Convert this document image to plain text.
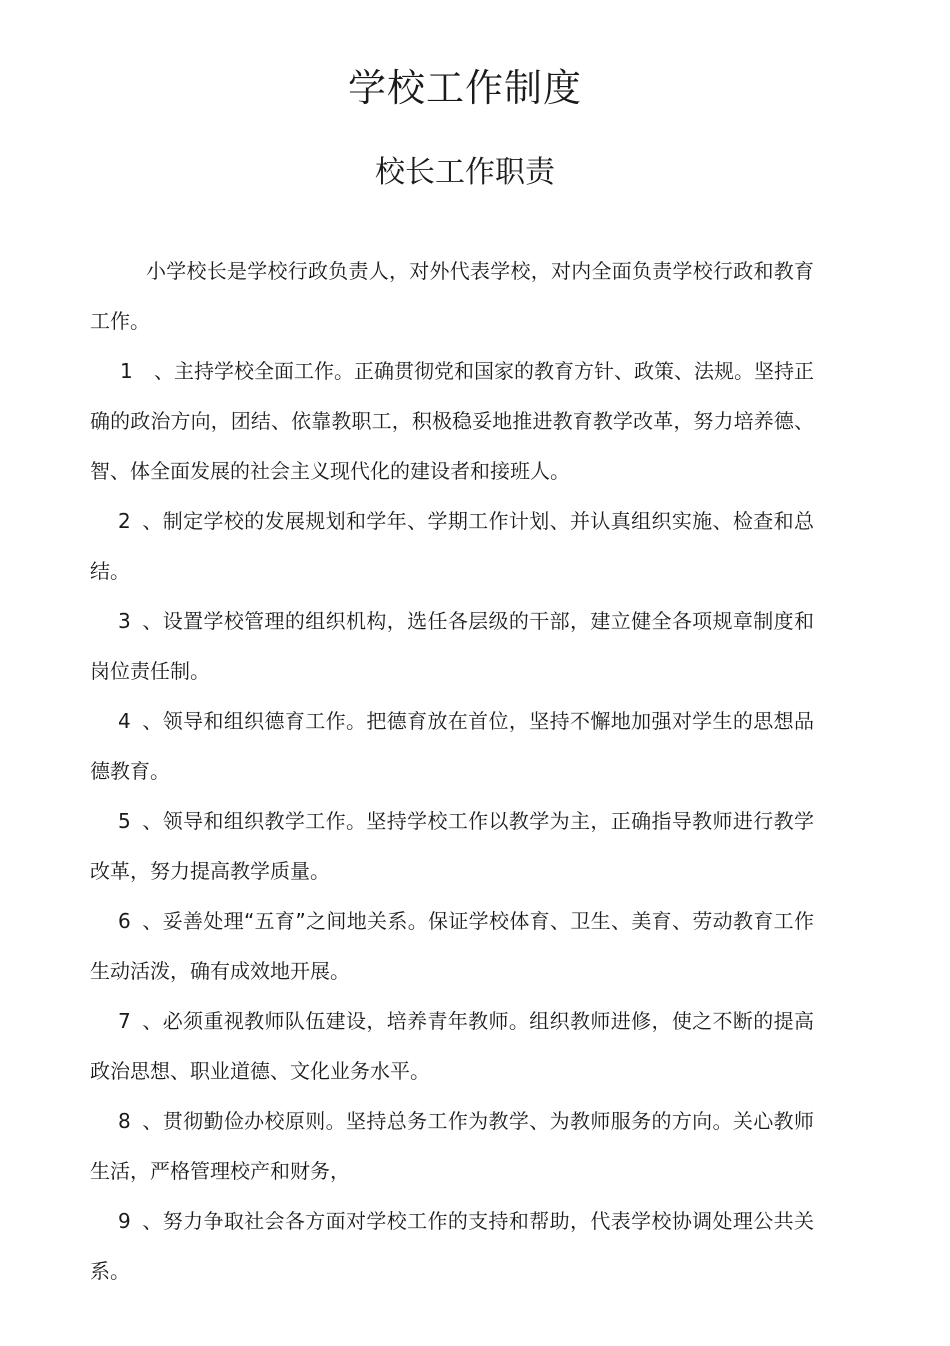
学校工作制度
校长工作职责

小学校长是学校行政负责人，对外代表学校，对内全面负责学校行政和教育工作。

1 、主持学校全面工作。正确贯彻党和国家的教育方针、政策、法规。坚持正确的政治方向，团结、依靠教职工，积极稳妥地推进教育教学改革，努力培养德、智、体全面发展的社会主义现代化的建设者和接班人。

2 、制定学校的发展规划和学年、学期工作计划、并认真组织实施、检查和总结。

3 、设置学校管理的组织机构，选任各层级的干部，建立健全各项规章制度和岗位责任制。

4 、领导和组织德育工作。把德育放在首位，坚持不懈地加强对学生的思想品德教育。

5 、领导和组织教学工作。坚持学校工作以教学为主，正确指导教师进行教学改革，努力提高教学质量。

6 、妥善处理“五育”之间地关系。保证学校体育、卫生、美育、劳动教育工作生动活泼，确有成效地开展。

7 、必须重视教师队伍建设，培养青年教师。组织教师进修，使之不断的提高政治思想、职业道德、文化业务水平。

8 、贯彻勤俭办校原则。坚持总务工作为教学、为教师服务的方向。关心教师生活，严格管理校产和财务，

9 、努力争取社会各方面对学校工作的支持和帮助，代表学校协调处理公共关系。
